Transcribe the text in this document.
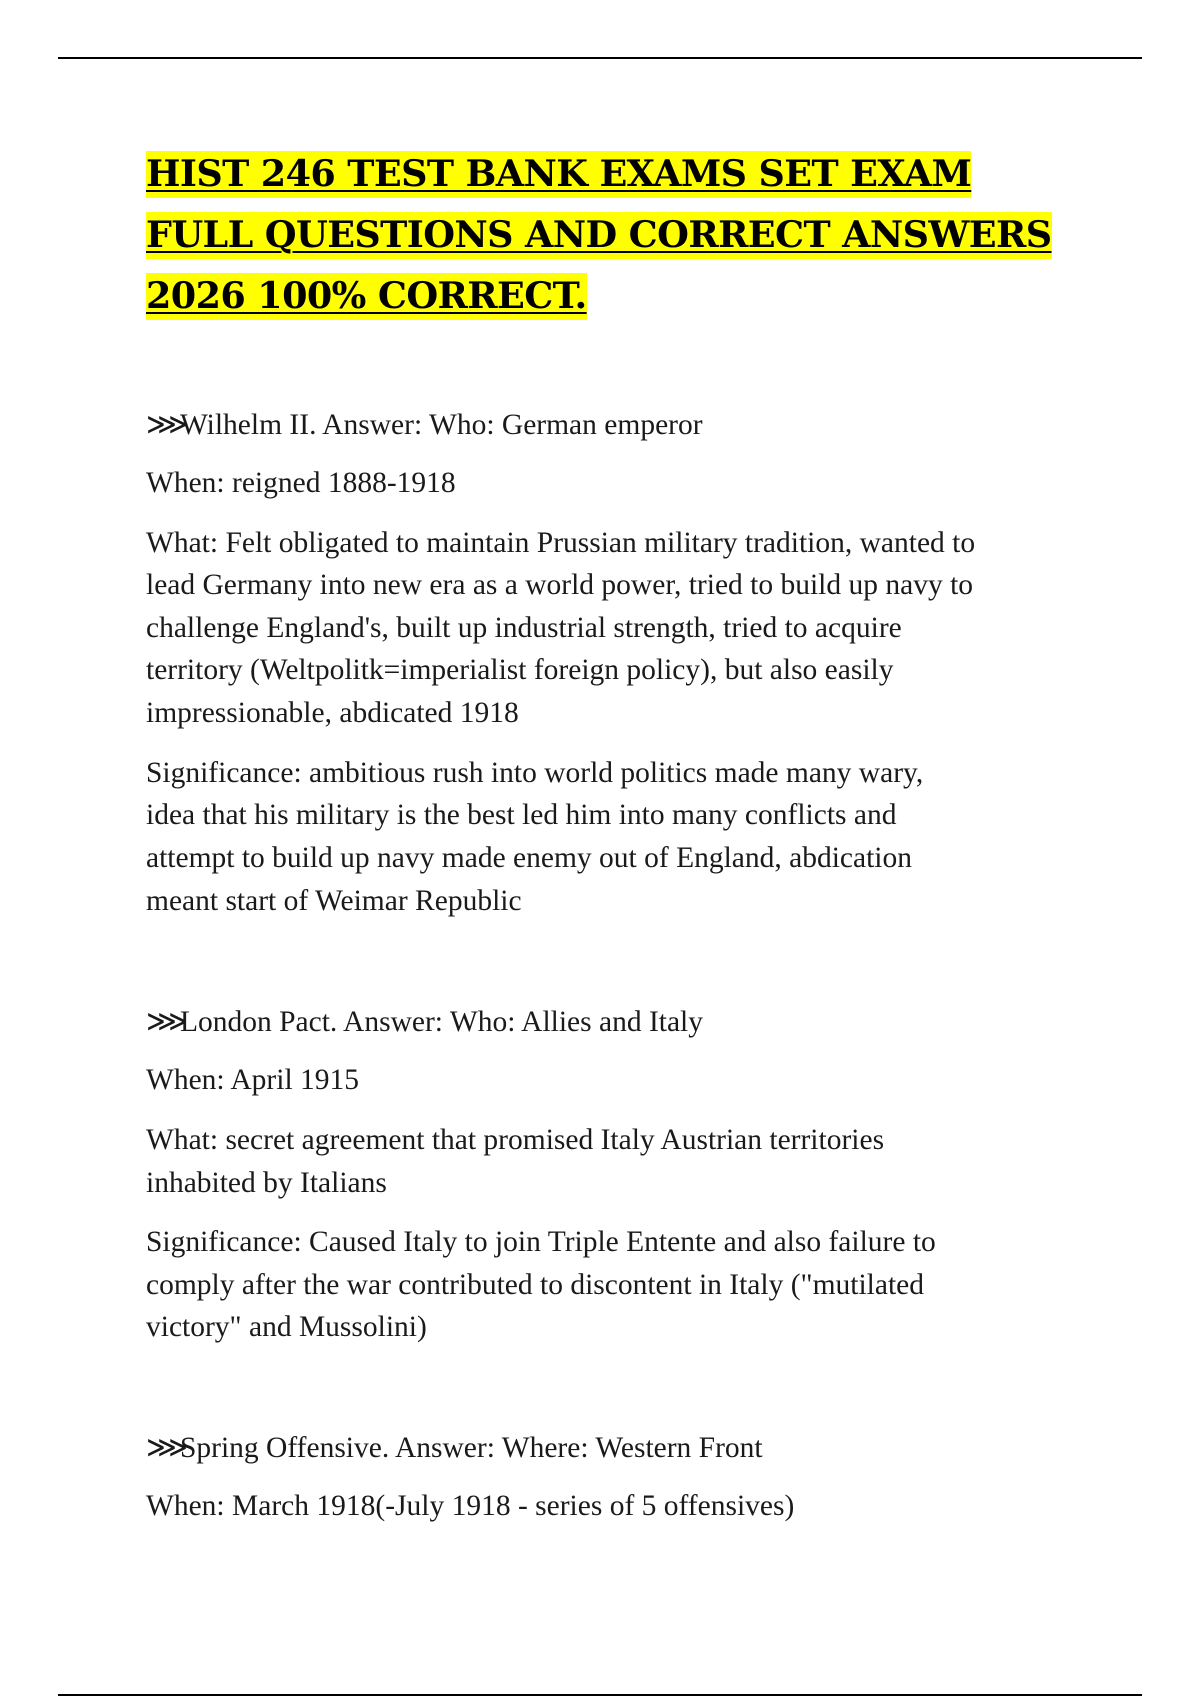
HIST 246 TEST BANK EXAMS SET EXAM
FULL QUESTIONS AND CORRECT ANSWERS
2026 100% CORRECT.

⋙Wilhelm II. Answer: Who: German emperor

When: reigned 1888-1918

What: Felt obligated to maintain Prussian military tradition, wanted to

lead Germany into new era as a world power, tried to build up navy to

challenge England's, built up industrial strength, tried to acquire

territory (Weltpolitk=imperialist foreign policy), but also easily

impressionable, abdicated 1918

Significance: ambitious rush into world politics made many wary,

idea that his military is the best led him into many conflicts and

attempt to build up navy made enemy out of England, abdication

meant start of Weimar Republic

⋙London Pact. Answer: Who: Allies and Italy

When: April 1915

What: secret agreement that promised Italy Austrian territories

inhabited by Italians

Significance: Caused Italy to join Triple Entente and also failure to

comply after the war contributed to discontent in Italy ("mutilated

victory" and Mussolini)

⋙Spring Offensive. Answer: Where: Western Front

When: March 1918(-July 1918 - series of 5 offensives)
